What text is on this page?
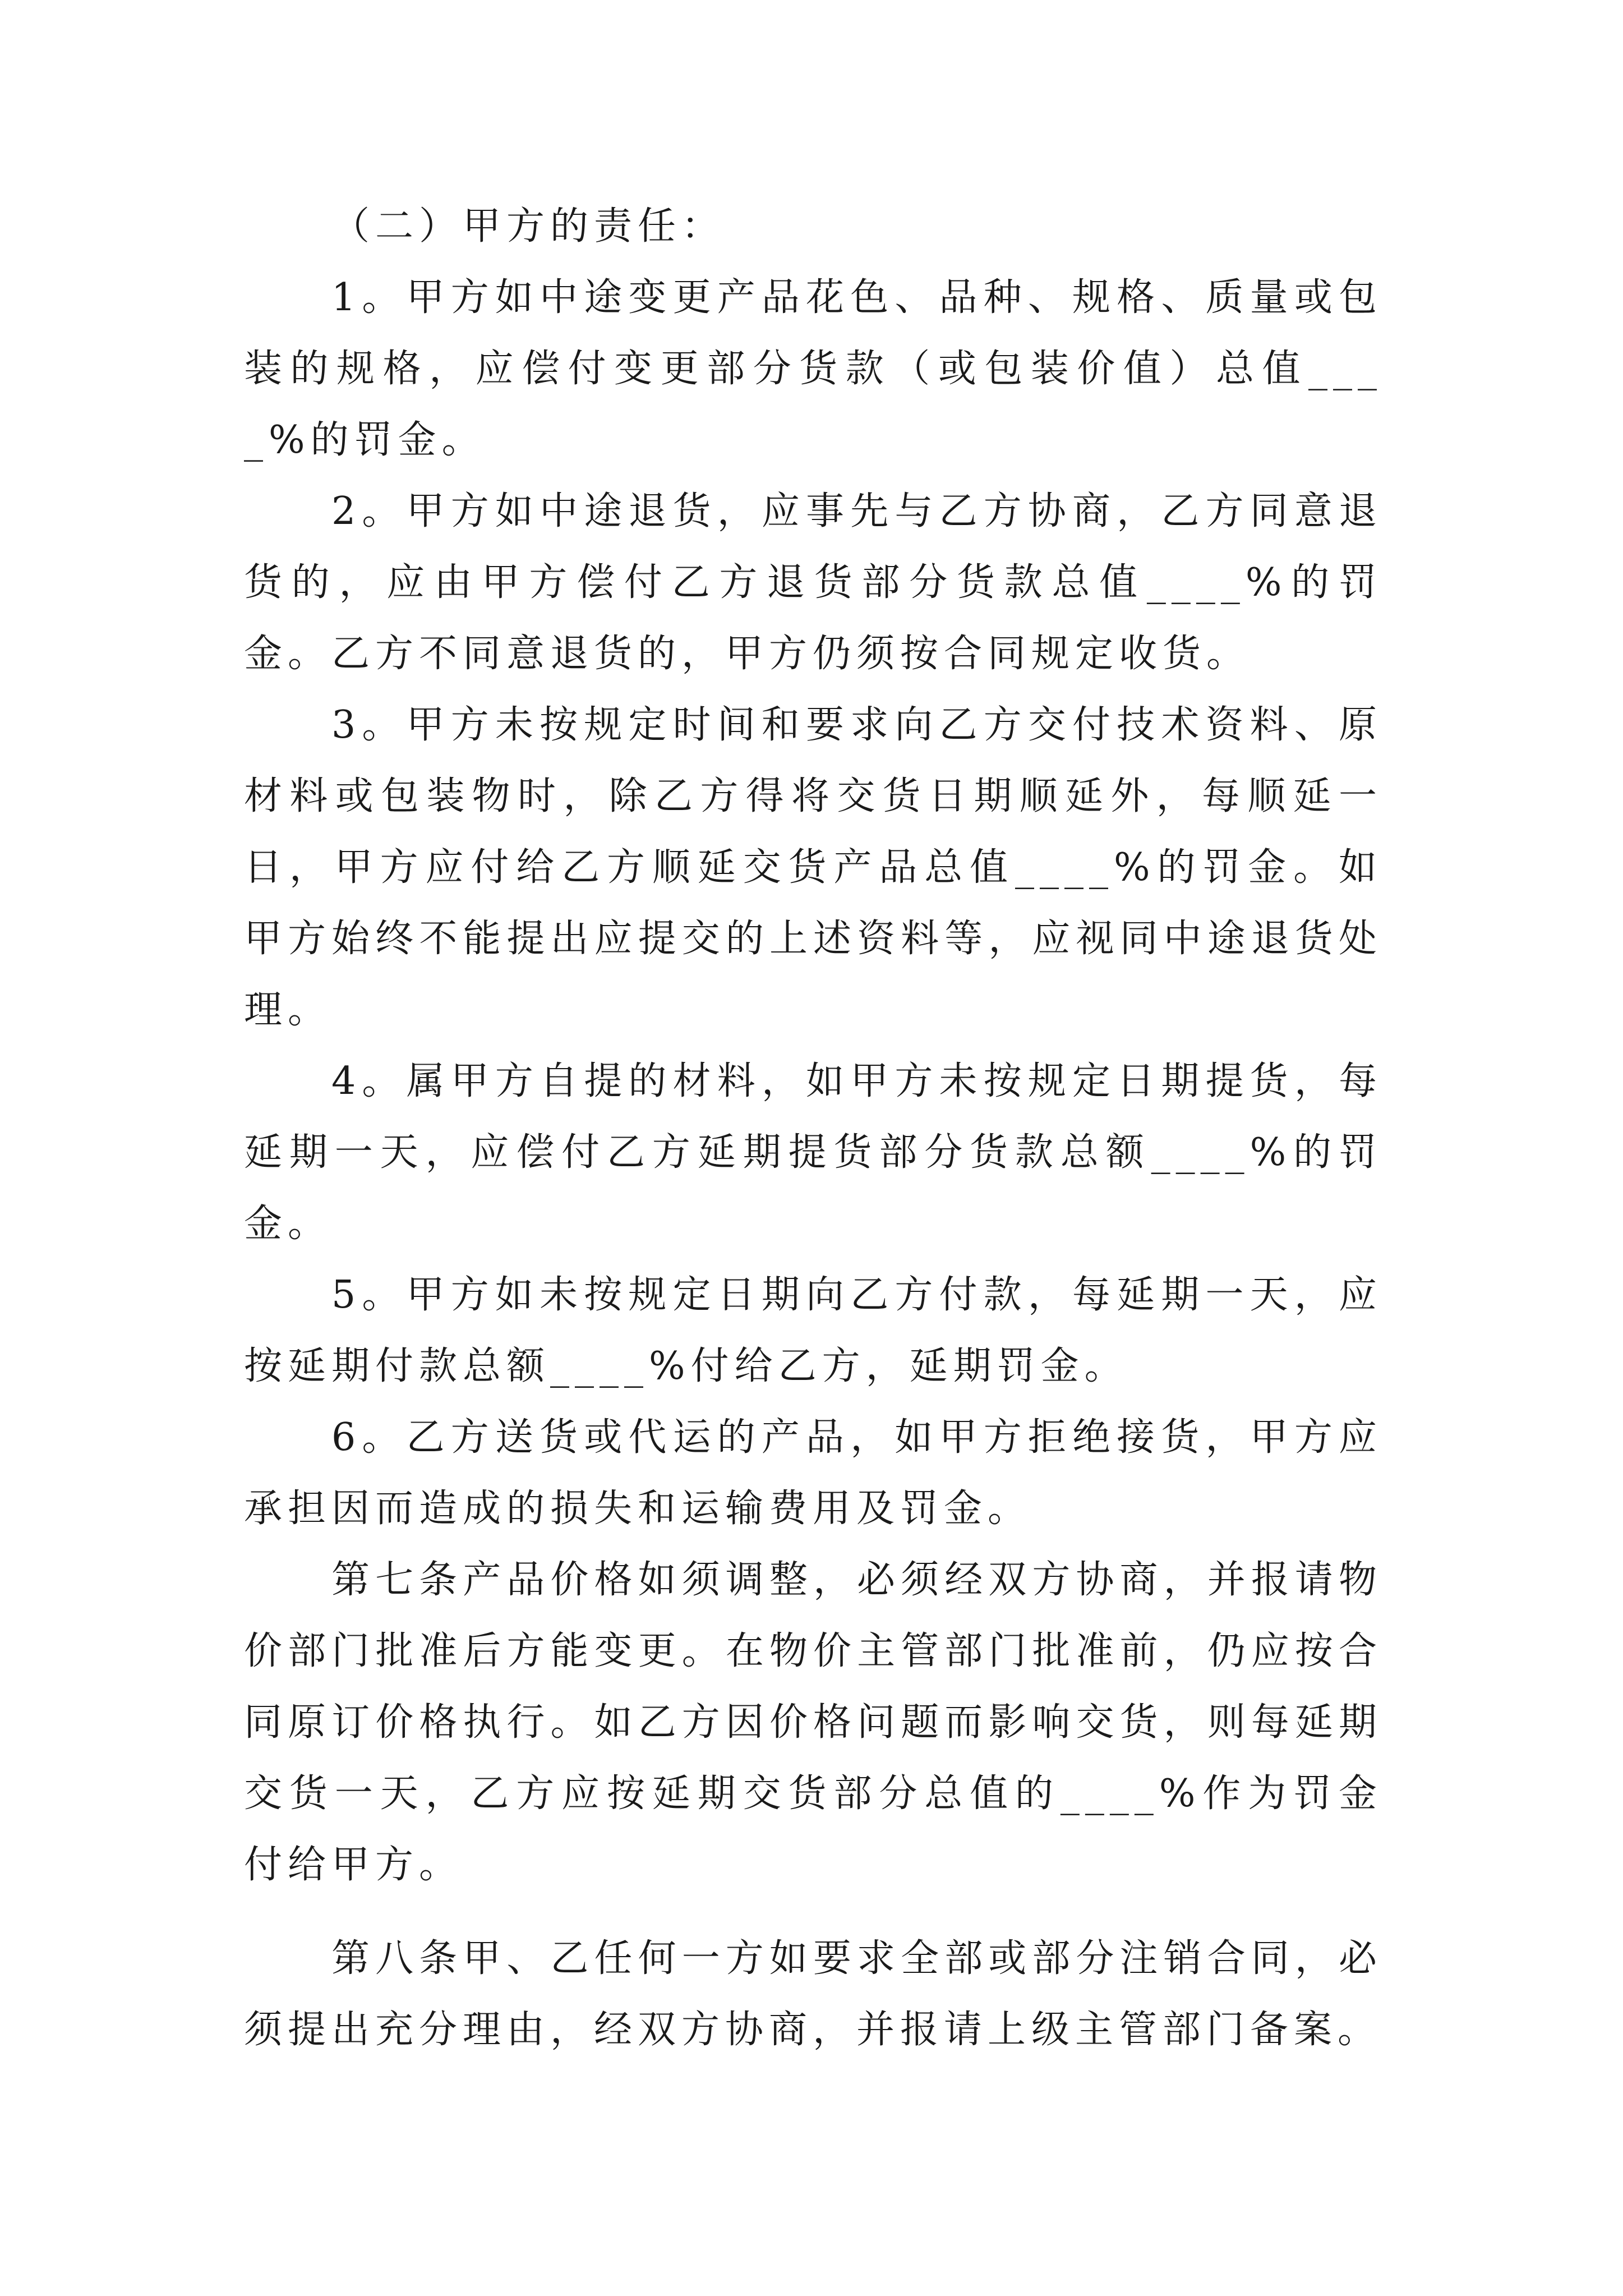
（二）甲方的责任：

1。甲方如中途变更产品花色、品种、规格、质量或包装的规格，应偿付变更部分货款（或包装价值）总值____%的罚金。

2。甲方如中途退货，应事先与乙方协商，乙方同意退货的，应由甲方偿付乙方退货部分货款总值____%的罚金。乙方不同意退货的，甲方仍须按合同规定收货。

3。甲方未按规定时间和要求向乙方交付技术资料、原材料或包装物时，除乙方得将交货日期顺延外，每顺延一日，甲方应付给乙方顺延交货产品总值____%的罚金。如甲方始终不能提出应提交的上述资料等，应视同中途退货处理。

4。属甲方自提的材料，如甲方未按规定日期提货，每延期一天，应偿付乙方延期提货部分货款总额____%的罚金。

5。甲方如未按规定日期向乙方付款，每延期一天，应按延期付款总额____%付给乙方，延期罚金。

6。乙方送货或代运的产品，如甲方拒绝接货，甲方应承担因而造成的损失和运输费用及罚金。

第七条产品价格如须调整，必须经双方协商，并报请物价部门批准后方能变更。在物价主管部门批准前，仍应按合同原订价格执行。如乙方因价格问题而影响交货，则每延期交货一天，乙方应按延期交货部分总值的____%作为罚金付给甲方。

第八条甲、乙任何一方如要求全部或部分注销合同，必须提出充分理由，经双方协商，并报请上级主管部门备案。
